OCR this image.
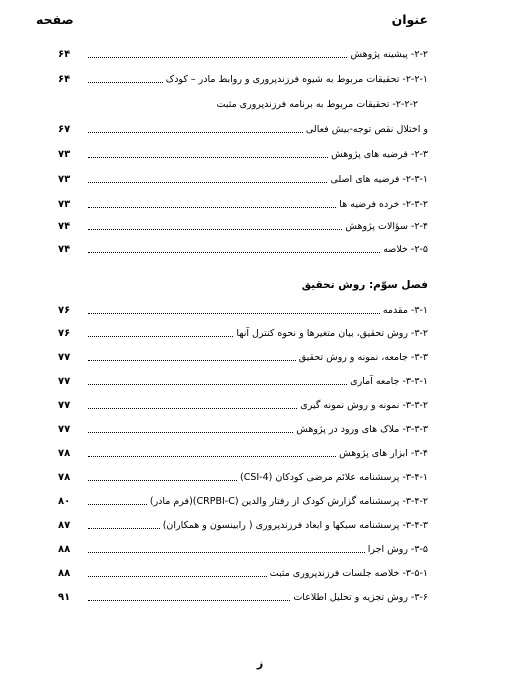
عنوان
صفحه
۲-۲- پیشینه پژوهش
۶۴
۲-۲-۱- تحقیقات مربوط به شیوه فرزندپروری و روابط مادر – کودک
۶۴
۲-۲-۲- تحقیقات مربوط به برنامه فرزندپروری مثبت
و اختلال نقص توجه-بیش فعالی
۶۷
۲-۳- فرضیه های پژوهش
۷۳
۲-۳-۱- فرضیه های اصلی
۷۳
۲-۳-۲- خرده فرضیه ها
۷۳
۲-۴- سؤالات پژوهش
۷۴
۲-۵- خلاصه
۷۴
فصل سوّم: روش تحقیق
۳-۱- مقدمه
۷۶
۳-۲- روش تحقیق، بیان متغیرها و نحوه کنترل آنها
۷۶
۳-۳- جامعه، نمونه و روش تحقیق
۷۷
۳-۳-۱- جامعه آماری
۷۷
۳-۳-۲- نمونه و روش نمونه گیری
۷۷
۳-۳-۳- ملاک های ورود در پژوهش
۷۷
۳-۴- ابزار های پژوهش
۷۸
۳-۴-۱- پرسشنامه علائم مرضی کودکان (CSI-4)
۷۸
۳-۴-۲- پرسشنامه گزارش کودک از رفتار والدین (CRPBI-C)(فرم مادر)
۸۰
۳-۴-۳- پرسشنامه سبکها و ابعاد فرزندپروری ( رابینسون و همکاران)
۸۷
۳-۵- روش اجرا
۸۸
۳-۵-۱- خلاصه جلسات فرزندپروری مثبت
۸۸
۳-۶- روش تجزیه و تحلیل اطلاعات
۹۱
ز
